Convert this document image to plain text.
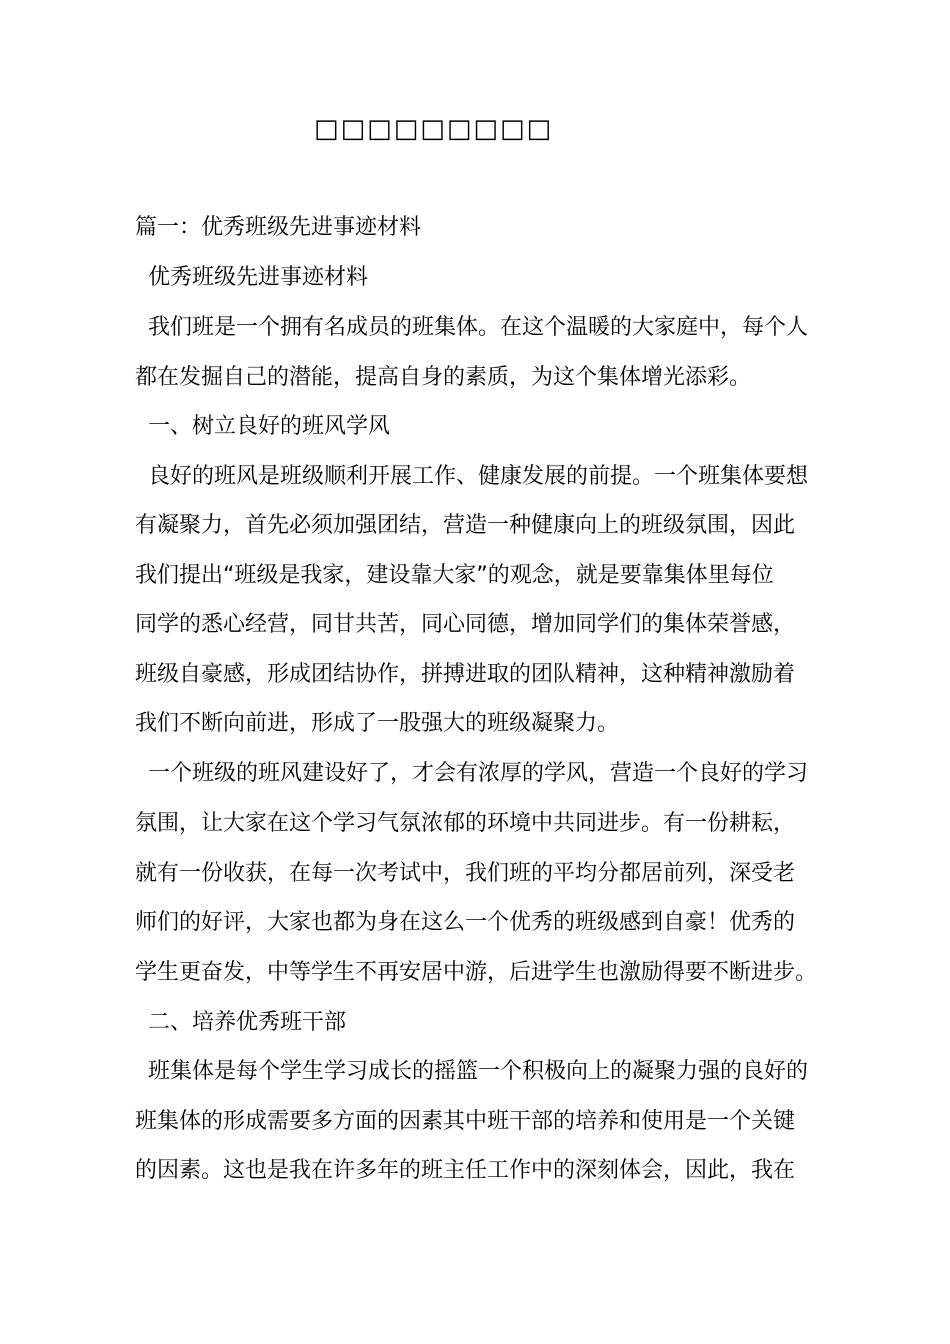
□□□□□□□□□
篇一：优秀班级先进事迹材料
优秀班级先进事迹材料
我们班是一个拥有名成员的班集体。在这个温暖的大家庭中，每个人
都在发掘自己的潜能，提高自身的素质，为这个集体增光添彩。
一、树立良好的班风学风
良好的班风是班级顺利开展工作、健康发展的前提。一个班集体要想
有凝聚力，首先必须加强团结，营造一种健康向上的班级氛围，因此
我们提出“班级是我家，建设靠大家”的观念，就是要靠集体里每位
同学的悉心经营，同甘共苦，同心同德，增加同学们的集体荣誉感，
班级自豪感，形成团结协作，拼搏进取的团队精神，这种精神激励着
我们不断向前进，形成了一股强大的班级凝聚力。
一个班级的班风建设好了，才会有浓厚的学风，营造一个良好的学习
氛围，让大家在这个学习气氛浓郁的环境中共同进步。有一份耕耘，
就有一份收获，在每一次考试中，我们班的平均分都居前列，深受老
师们的好评，大家也都为身在这么一个优秀的班级感到自豪！优秀的
学生更奋发，中等学生不再安居中游，后进学生也激励得要不断进步。
二、培养优秀班干部
班集体是每个学生学习成长的摇篮一个积极向上的凝聚力强的良好的
班集体的形成需要多方面的因素其中班干部的培养和使用是一个关键
的因素。这也是我在许多年的班主任工作中的深刻体会，因此，我在
